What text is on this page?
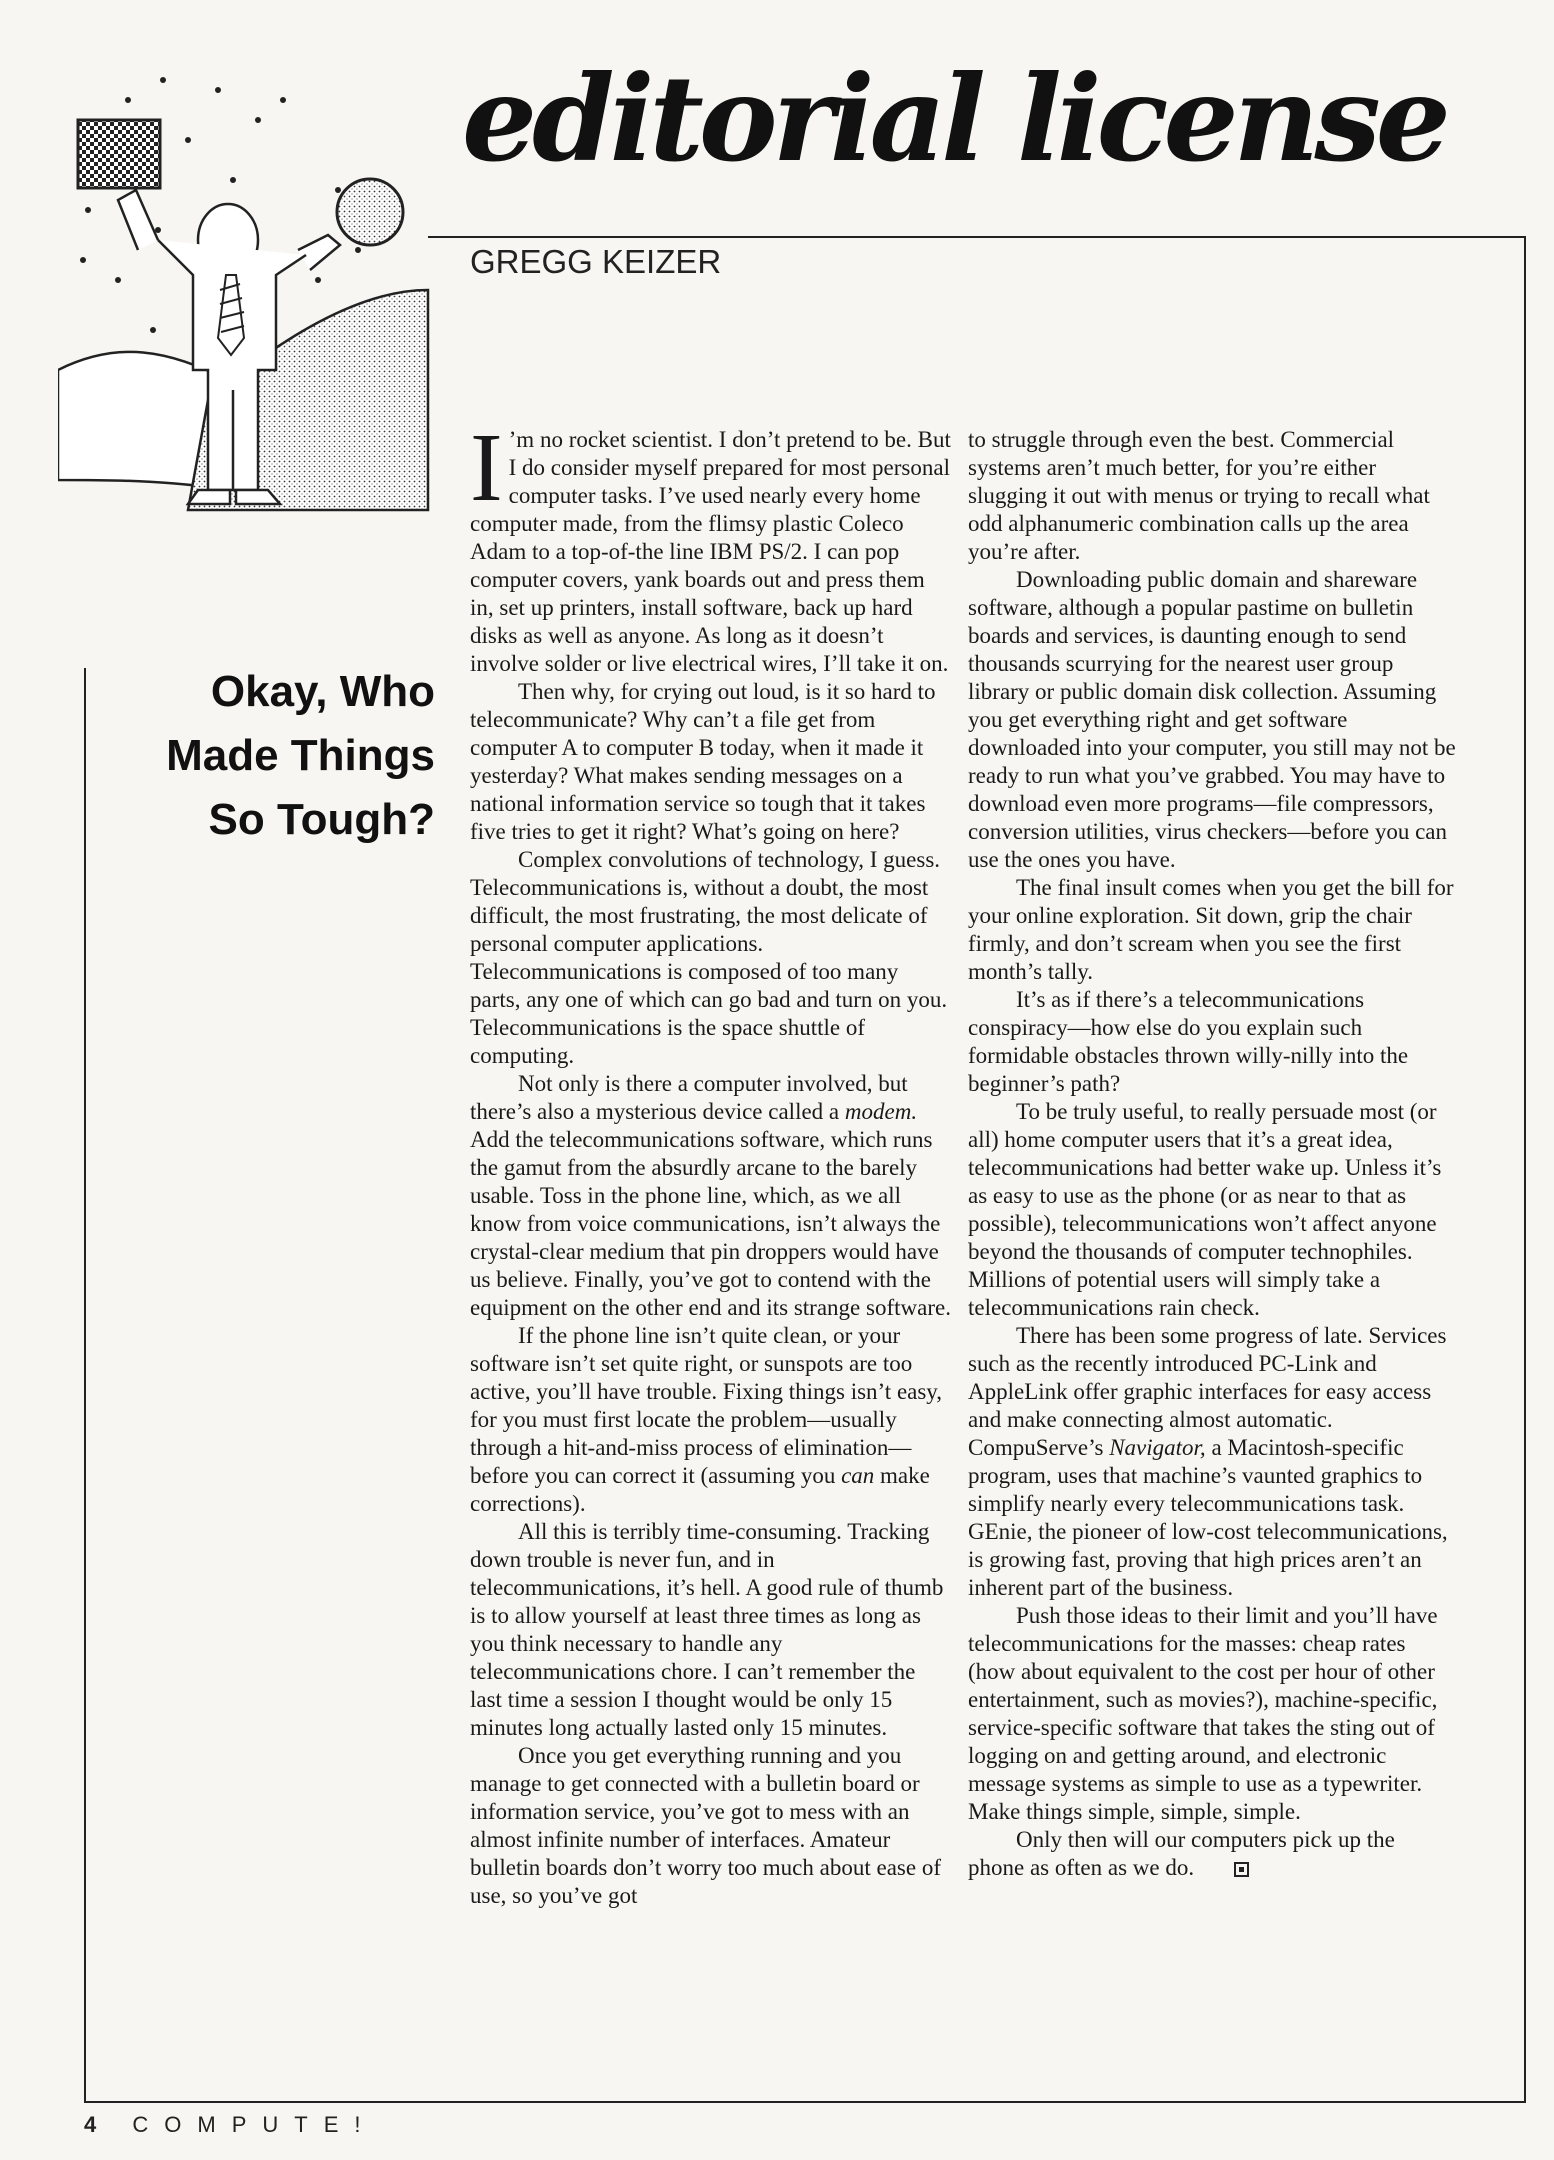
editorial license
GREGG KEIZER
Okay, Who
Made Things
So Tough?

I ’m no rocket scientist. I don’t pretend to be. But I do consider myself prepared for most personal computer tasks. I’ve used nearly every home computer made, from the flimsy plastic Coleco Adam to a top-of-the line IBM PS/2. I can pop computer covers, yank boards out and press them in, set up printers, install software, back up hard disks as well as anyone. As long as it doesn’t involve solder or live electrical wires, I’ll take it on.

Then why, for crying out loud, is it so hard to telecommunicate? Why can’t a file get from computer A to computer B today, when it made it yesterday? What makes sending messages on a national information service so tough that it takes five tries to get it right? What’s going on here?

Complex convolutions of technology, I guess. Telecommunications is, without a doubt, the most difficult, the most frustrating, the most delicate of personal computer applications. Telecommunications is composed of too many parts, any one of which can go bad and turn on you. Telecommunications is the space shuttle of computing.

Not only is there a computer involved, but there’s also a mysterious device called a modem. Add the telecommunications software, which runs the gamut from the absurdly arcane to the barely usable. Toss in the phone line, which, as we all know from voice communications, isn’t always the crystal-clear medium that pin droppers would have us believe. Finally, you’ve got to contend with the equipment on the other end and its strange software.

If the phone line isn’t quite clean, or your software isn’t set quite right, or sunspots are too active, you’ll have trouble. Fixing things isn’t easy, for you must first locate the problem—usually through a hit-and-miss process of elimination—before you can correct it (assuming you can make corrections).

All this is terribly time-consuming. Tracking down trouble is never fun, and in telecommunications, it’s hell. A good rule of thumb is to allow yourself at least three times as long as you think necessary to handle any telecommunications chore. I can’t remember the last time a session I thought would be only 15 minutes long actually lasted only 15 minutes.

Once you get everything running and you manage to get connected with a bulletin board or information service, you’ve got to mess with an almost infinite number of interfaces. Amateur bulletin boards don’t worry too much about ease of use, so you’ve got

to struggle through even the best. Commercial systems aren’t much better, for you’re either slugging it out with menus or trying to recall what odd alphanumeric combination calls up the area you’re after.

Downloading public domain and shareware software, although a popular pastime on bulletin boards and services, is daunting enough to send thousands scurrying for the nearest user group library or public domain disk collection. Assuming you get everything right and get software downloaded into your computer, you still may not be ready to run what you’ve grabbed. You may have to download even more programs—file compressors, conversion utilities, virus checkers—before you can use the ones you have.

The final insult comes when you get the bill for your online exploration. Sit down, grip the chair firmly, and don’t scream when you see the first month’s tally.

It’s as if there’s a telecommunications conspiracy—how else do you explain such formidable obstacles thrown willy-nilly into the beginner’s path?

To be truly useful, to really persuade most (or all) home computer users that it’s a great idea, telecommunications had better wake up. Unless it’s as easy to use as the phone (or as near to that as possible), telecommunications won’t affect anyone beyond the thousands of computer technophiles. Millions of potential users will simply take a telecommunications rain check.

There has been some progress of late. Services such as the recently introduced PC-Link and AppleLink offer graphic interfaces for easy access and make connecting almost automatic. CompuServe’s Navigator, a Macintosh-specific program, uses that machine’s vaunted graphics to simplify nearly every telecommunications task. GEnie, the pioneer of low-cost telecommunications, is growing fast, proving that high prices aren’t an inherent part of the business.

Push those ideas to their limit and you’ll have telecommunications for the masses: cheap rates (how about equivalent to the cost per hour of other entertainment, such as movies?), machine-specific, service-specific software that takes the sting out of logging on and getting around, and electronic message systems as simple to use as a typewriter. Make things simple, simple, simple.

Only then will our computers pick up the phone as often as we do.

4 COMPUTE!
